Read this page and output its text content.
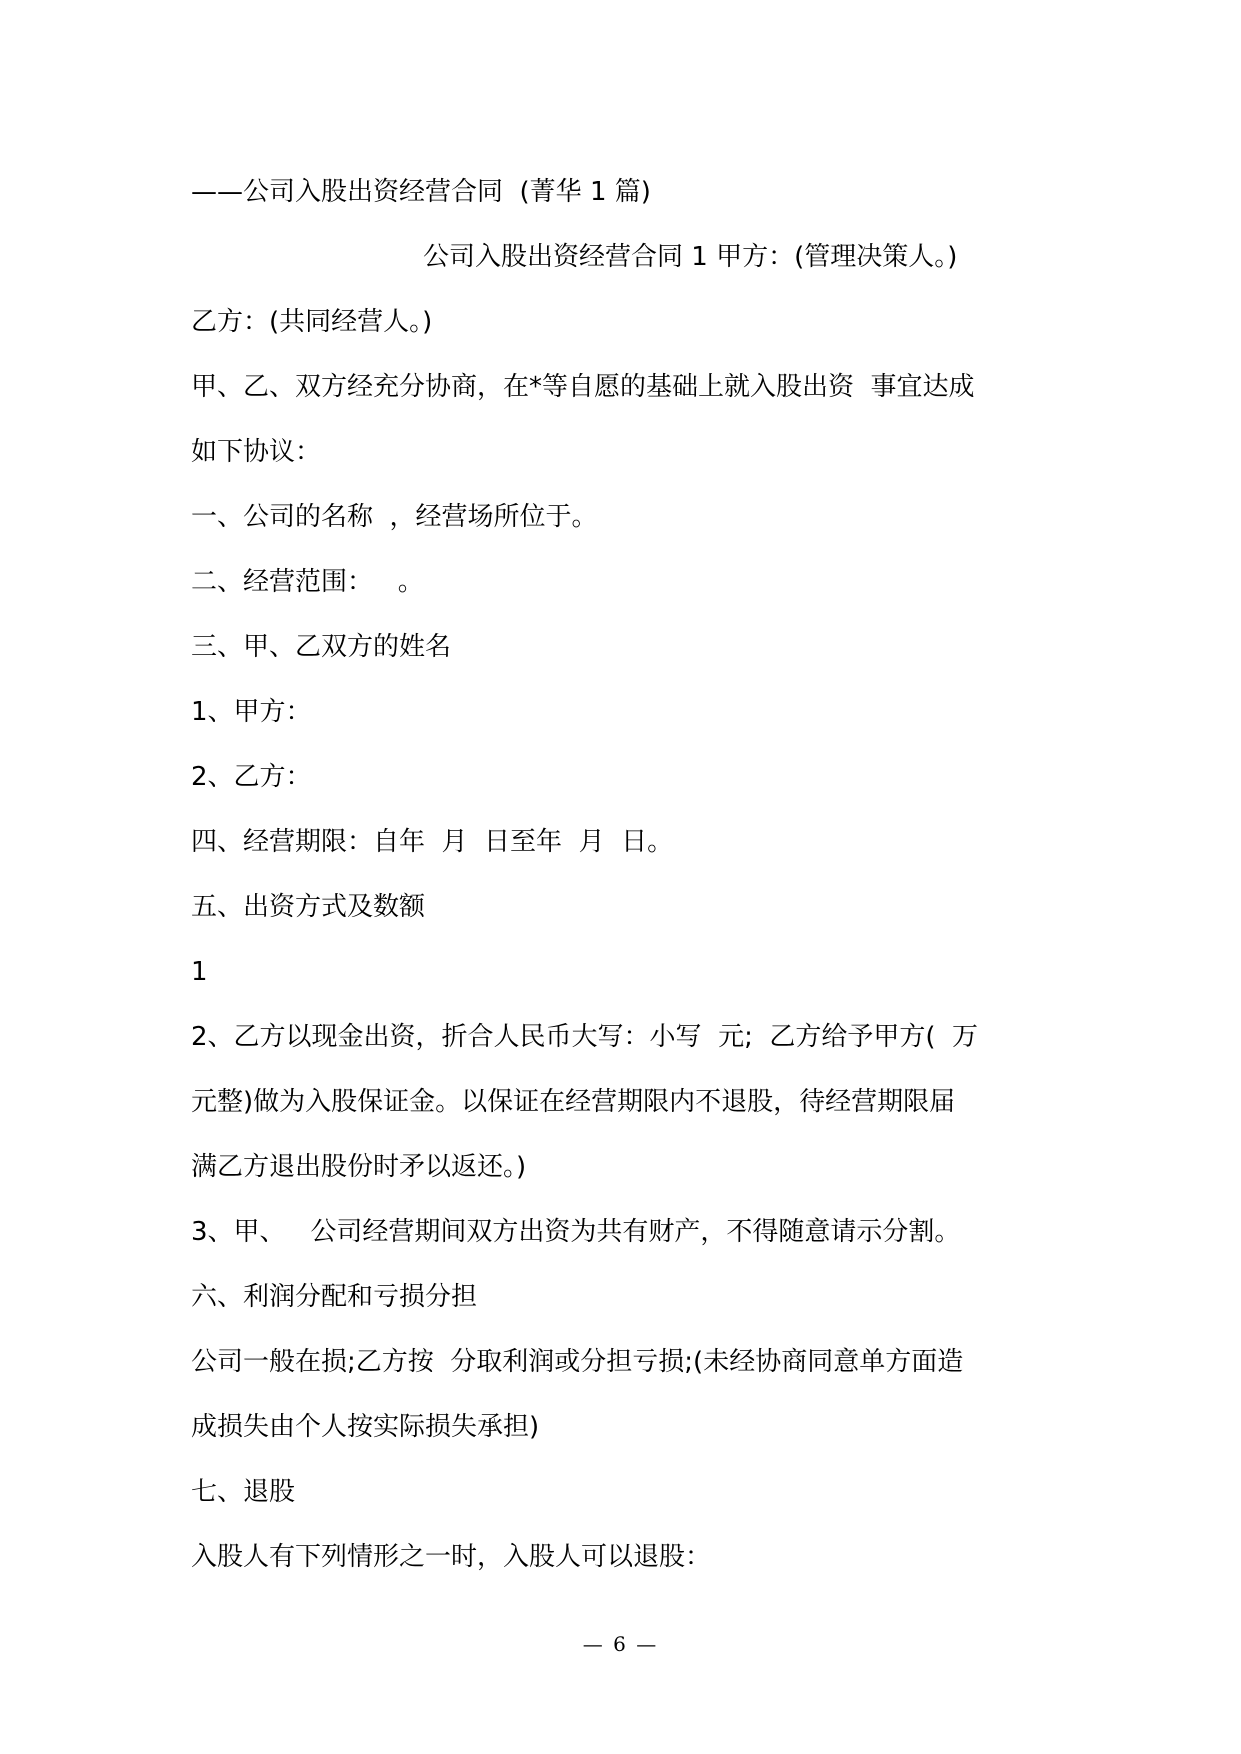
——公司入股出资经营合同  (菁华 1 篇)
公司入股出资经营合同 1 甲方：(管理决策人。)
乙方：(共同经营人。)
甲、乙、双方经充分协商，在*等自愿的基础上就入股出资  事宜达成
如下协议：
一、公司的名称  ，经营场所位于。
二、经营范围：   。
三、甲、乙双方的姓名
1、甲方：
2、乙方：
四、经营期限：自年  月  日至年  月  日。
五、出资方式及数额
1
2、乙方以现金出资，折合人民币大写：小写  元;  乙方给予甲方(  万
元整)做为入股保证金。以保证在经营期限内不退股，待经营期限届
满乙方退出股份时矛以返还。)
3、甲、   公司经营期间双方出资为共有财产，不得随意请示分割。
六、利润分配和亏损分担
公司一般在损;乙方按  分取利润或分担亏损;(未经协商同意单方面造
成损失由个人按实际损失承担)
七、退股
入股人有下列情形之一时，入股人可以退股：
— 6 —
